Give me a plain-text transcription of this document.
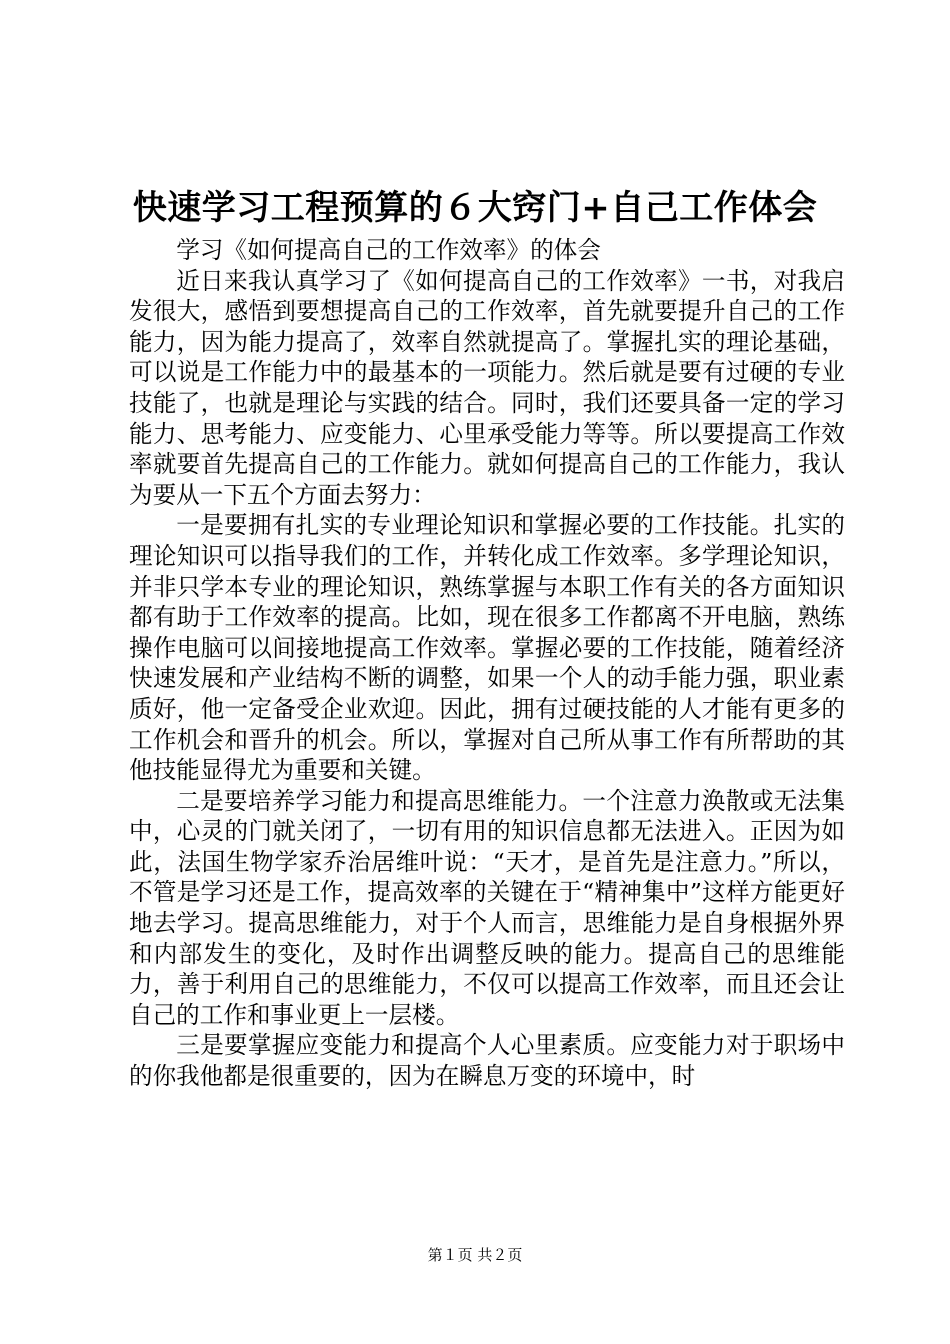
快速学习工程预算的６大窍门+自己工作体会

学习《如何提高自己的工作效率》的体会

近日来我认真学习了《如何提高自己的工作效率》一书，对我启发很大，感悟到要想提高自己的工作效率，首先就要提升自己的工作能力，因为能力提高了，效率自然就提高了。掌握扎实的理论基础，可以说是工作能力中的最基本的一项能力。然后就是要有过硬的专业技能了，也就是理论与实践的结合。同时，我们还要具备一定的学习能力、思考能力、应变能力、心里承受能力等等。所以要提高工作效率就要首先提高自己的工作能力。就如何提高自己的工作能力，我认为要从一下五个方面去努力：

一是要拥有扎实的专业理论知识和掌握必要的工作技能。扎实的理论知识可以指导我们的工作，并转化成工作效率。多学理论知识，并非只学本专业的理论知识，熟练掌握与本职工作有关的各方面知识都有助于工作效率的提高。比如，现在很多工作都离不开电脑，熟练操作电脑可以间接地提高工作效率。掌握必要的工作技能，随着经济快速发展和产业结构不断的调整，如果一个人的动手能力强，职业素质好，他一定备受企业欢迎。因此，拥有过硬技能的人才能有更多的工作机会和晋升的机会。所以，掌握对自己所从事工作有所帮助的其他技能显得尤为重要和关键。

二是要培养学习能力和提高思维能力。一个注意力涣散或无法集中，心灵的门就关闭了，一切有用的知识信息都无法进入。正因为如此，法国生物学家乔治居维叶说：“天才，是首先是注意力。”所以，不管是学习还是工作，提高效率的关键在于“精神集中”这样方能更好地去学习。提高思维能力，对于个人而言，思维能力是自身根据外界和内部发生的变化，及时作出调整反映的能力。提高自己的思维能力，善于利用自己的思维能力，不仅可以提高工作效率，而且还会让自己的工作和事业更上一层楼。

三是要掌握应变能力和提高个人心里素质。应变能力对于职场中的你我他都是很重要的，因为在瞬息万变的环境中，时

第１页 共２页
